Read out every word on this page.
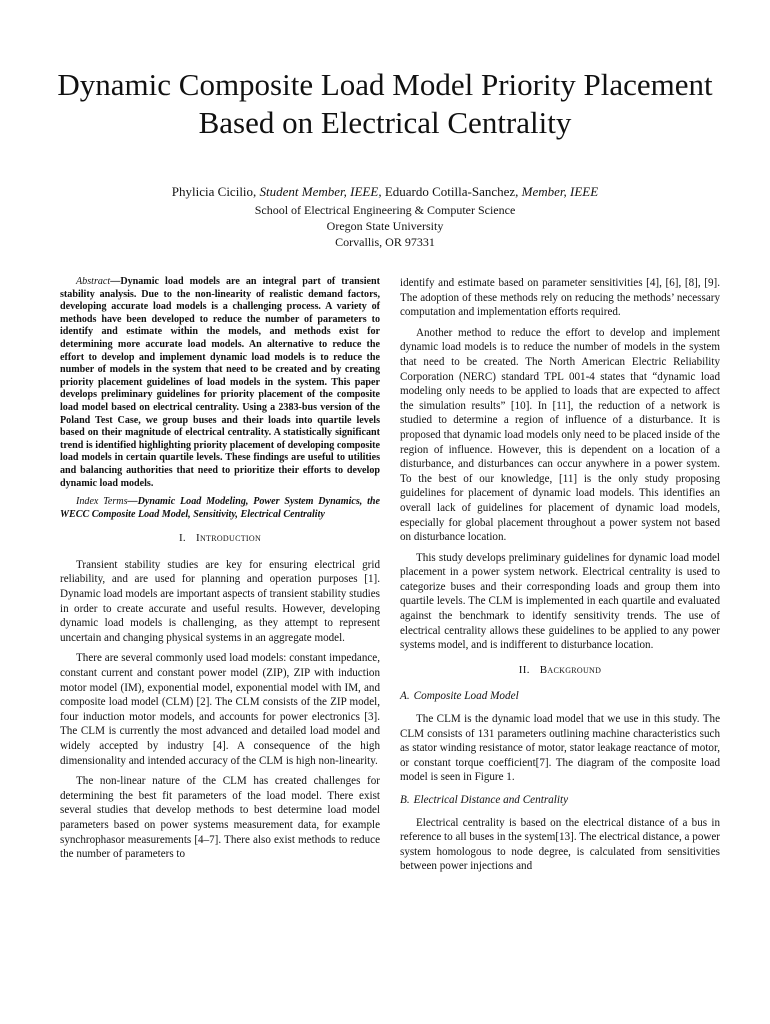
Dynamic Composite Load Model Priority Placement Based on Electrical Centrality
Phylicia Cicilio, Student Member, IEEE, Eduardo Cotilla-Sanchez, Member, IEEE
School of Electrical Engineering & Computer Science
Oregon State University
Corvallis, OR 97331

Abstract—Dynamic load models are an integral part of transient stability analysis. Due to the non-linearity of realistic demand factors, developing accurate load models is a challenging process. A variety of methods have been developed to reduce the number of parameters to identify and estimate within the models, and methods exist for determining more accurate load models. An alternative to reduce the effort to develop and implement dynamic load models is to reduce the number of models in the system that need to be created and by creating priority placement guidelines of load models in the system. This paper develops preliminary guidelines for priority placement of the composite load model based on electrical centrality. Using a 2383-bus version of the Poland Test Case, we group buses and their loads into quartile levels based on their magnitude of electrical centrality. A statistically significant trend is identified highlighting priority placement of developing composite load models in certain quartile levels. These findings are useful to utilities and balancing authorities that need to prioritize their efforts to develop dynamic load models.

Index Terms—Dynamic Load Modeling, Power System Dynamics, the WECC Composite Load Model, Sensitivity, Electrical Centrality

I. Introduction

Transient stability studies are key for ensuring electrical grid reliability, and are used for planning and operation purposes [1]. Dynamic load models are important aspects of transient stability studies in order to create accurate and useful results. However, developing dynamic load models is challenging, as they attempt to represent uncertain and changing physical systems in an aggregate model.

There are several commonly used load models: constant impedance, constant current and constant power model (ZIP), ZIP with induction motor model (IM), exponential model, exponential model with IM, and composite load model (CLM) [2]. The CLM consists of the ZIP model, four induction motor models, and accounts for power electronics [3]. The CLM is currently the most advanced and detailed load model and widely accepted by industry [4]. A consequence of the high dimensionality and intended accuracy of the CLM is high non-linearity.

The non-linear nature of the CLM has created challenges for determining the best fit parameters of the load model. There exist several studies that develop methods to best determine load model parameters based on power systems measurement data, for example synchrophasor measurements [4–7]. There also exist methods to reduce the number of parameters to

identify and estimate based on parameter sensitivities [4], [6], [8], [9]. The adoption of these methods rely on reducing the methods’ necessary computation and implementation efforts required.

Another method to reduce the effort to develop and implement dynamic load models is to reduce the number of models in the system that need to be created. The North American Electric Reliability Corporation (NERC) standard TPL 001-4 states that “dynamic load modeling only needs to be applied to loads that are expected to affect the simulation results” [10]. In [11], the reduction of a network is studied to determine a region of influence of a disturbance. It is proposed that dynamic load models only need to be placed inside of the region of influence. However, this is dependent on a location of a disturbance, and disturbances can occur anywhere in a power system. To the best of our knowledge, [11] is the only study proposing guidelines for placement of dynamic load models. This identifies an overall lack of guidelines for placement of dynamic load models, especially for global placement throughout a power system not based on disturbance location.

This study develops preliminary guidelines for dynamic load model placement in a power system network. Electrical centrality is used to categorize buses and their corresponding loads and group them into quartile levels. The CLM is implemented in each quartile and evaluated against the benchmark to identify sensitivity trends. The use of electrical centrality allows these guidelines to be applied to any power systems model, and is indifferent to disturbance location.

II. Background
A. Composite Load Model

The CLM is the dynamic load model that we use in this study. The CLM consists of 131 parameters outlining machine characteristics such as stator winding resistance of motor, stator leakage reactance of motor, or constant torque coefficient[7]. The diagram of the composite load model is seen in Figure 1.

B. Electrical Distance and Centrality

Electrical centrality is based on the electrical distance of a bus in reference to all buses in the system[13]. The electrical distance, a power system homologous to node degree, is calculated from sensitivities between power injections and
